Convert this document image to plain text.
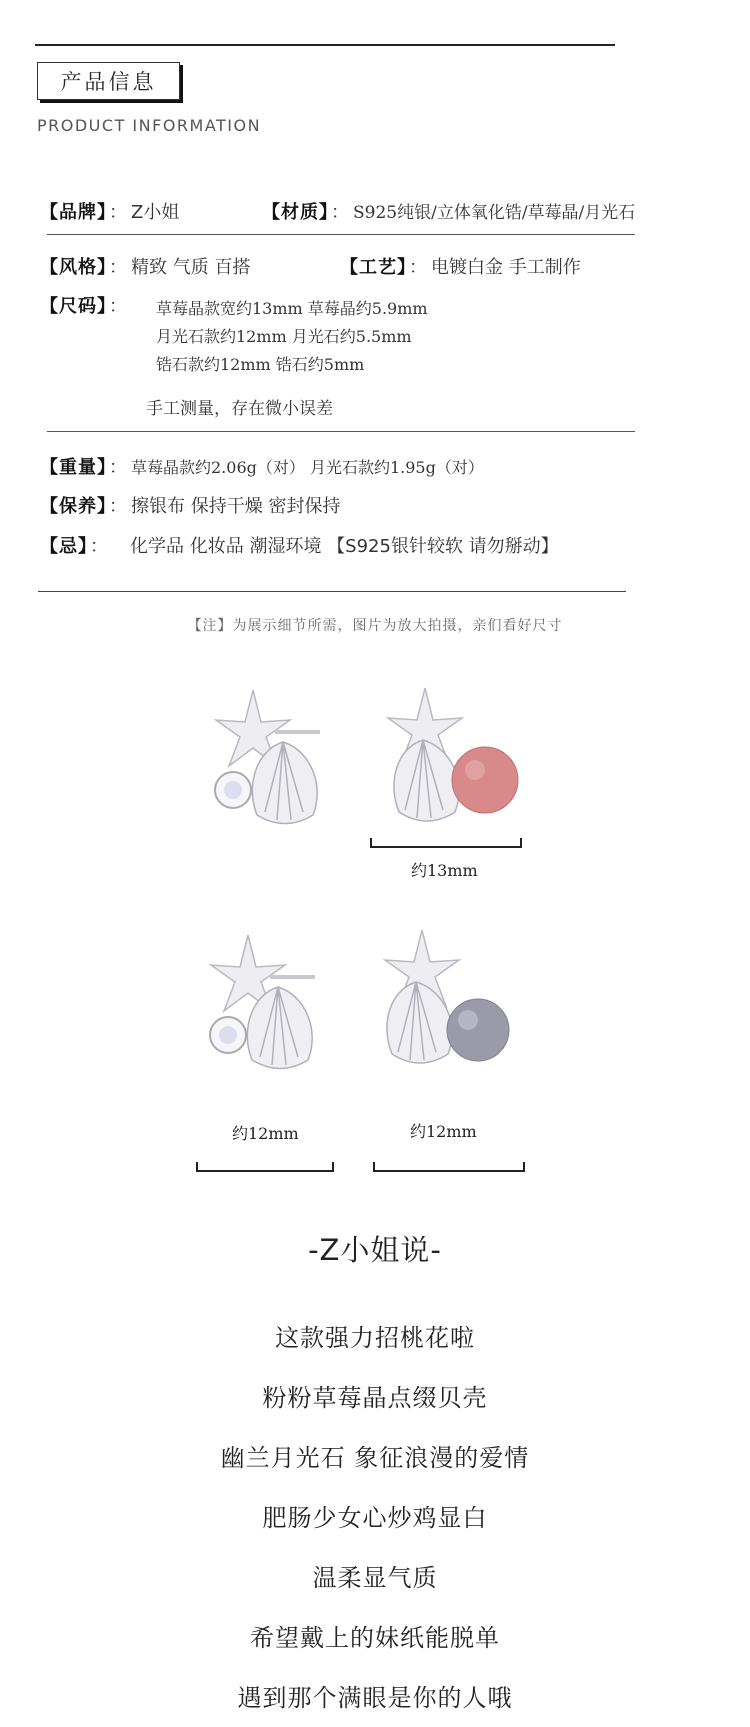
产品信息
PRODUCT INFORMATION
【品牌】 ： Z小姐	【材质】 ： S925纯银/立体氧化锆/草莓晶/月光石
【风格】 ： 精致 气质 百搭	【工艺】 ： 电镀白金 手工制作
【尺码】 ： 草莓晶款宽约13mm 草莓晶约5.9mm
月光石款约12mm 月光石约5.5mm
锆石款约12mm 锆石约5mm
手工测量，存在微小误差
【重量】 ： 草莓晶款约2.06g（对） 月光石款约1.95g（对）
【保养】 ： 擦银布 保持干燥 密封保持
【忌】 ： 化学品 化妆品 潮湿环境 【S925银针较软 请勿掰动】
【注】为展示细节所需，图片为放大拍摄，亲们看好尺寸
约13mm
约12mm	约12mm
-Z小姐说-
这款强力招桃花啦
粉粉草莓晶点缀贝壳
幽兰月光石 象征浪漫的爱情
肥肠少女心炒鸡显白
温柔显气质
希望戴上的妹纸能脱单
遇到那个满眼是你的人哦
